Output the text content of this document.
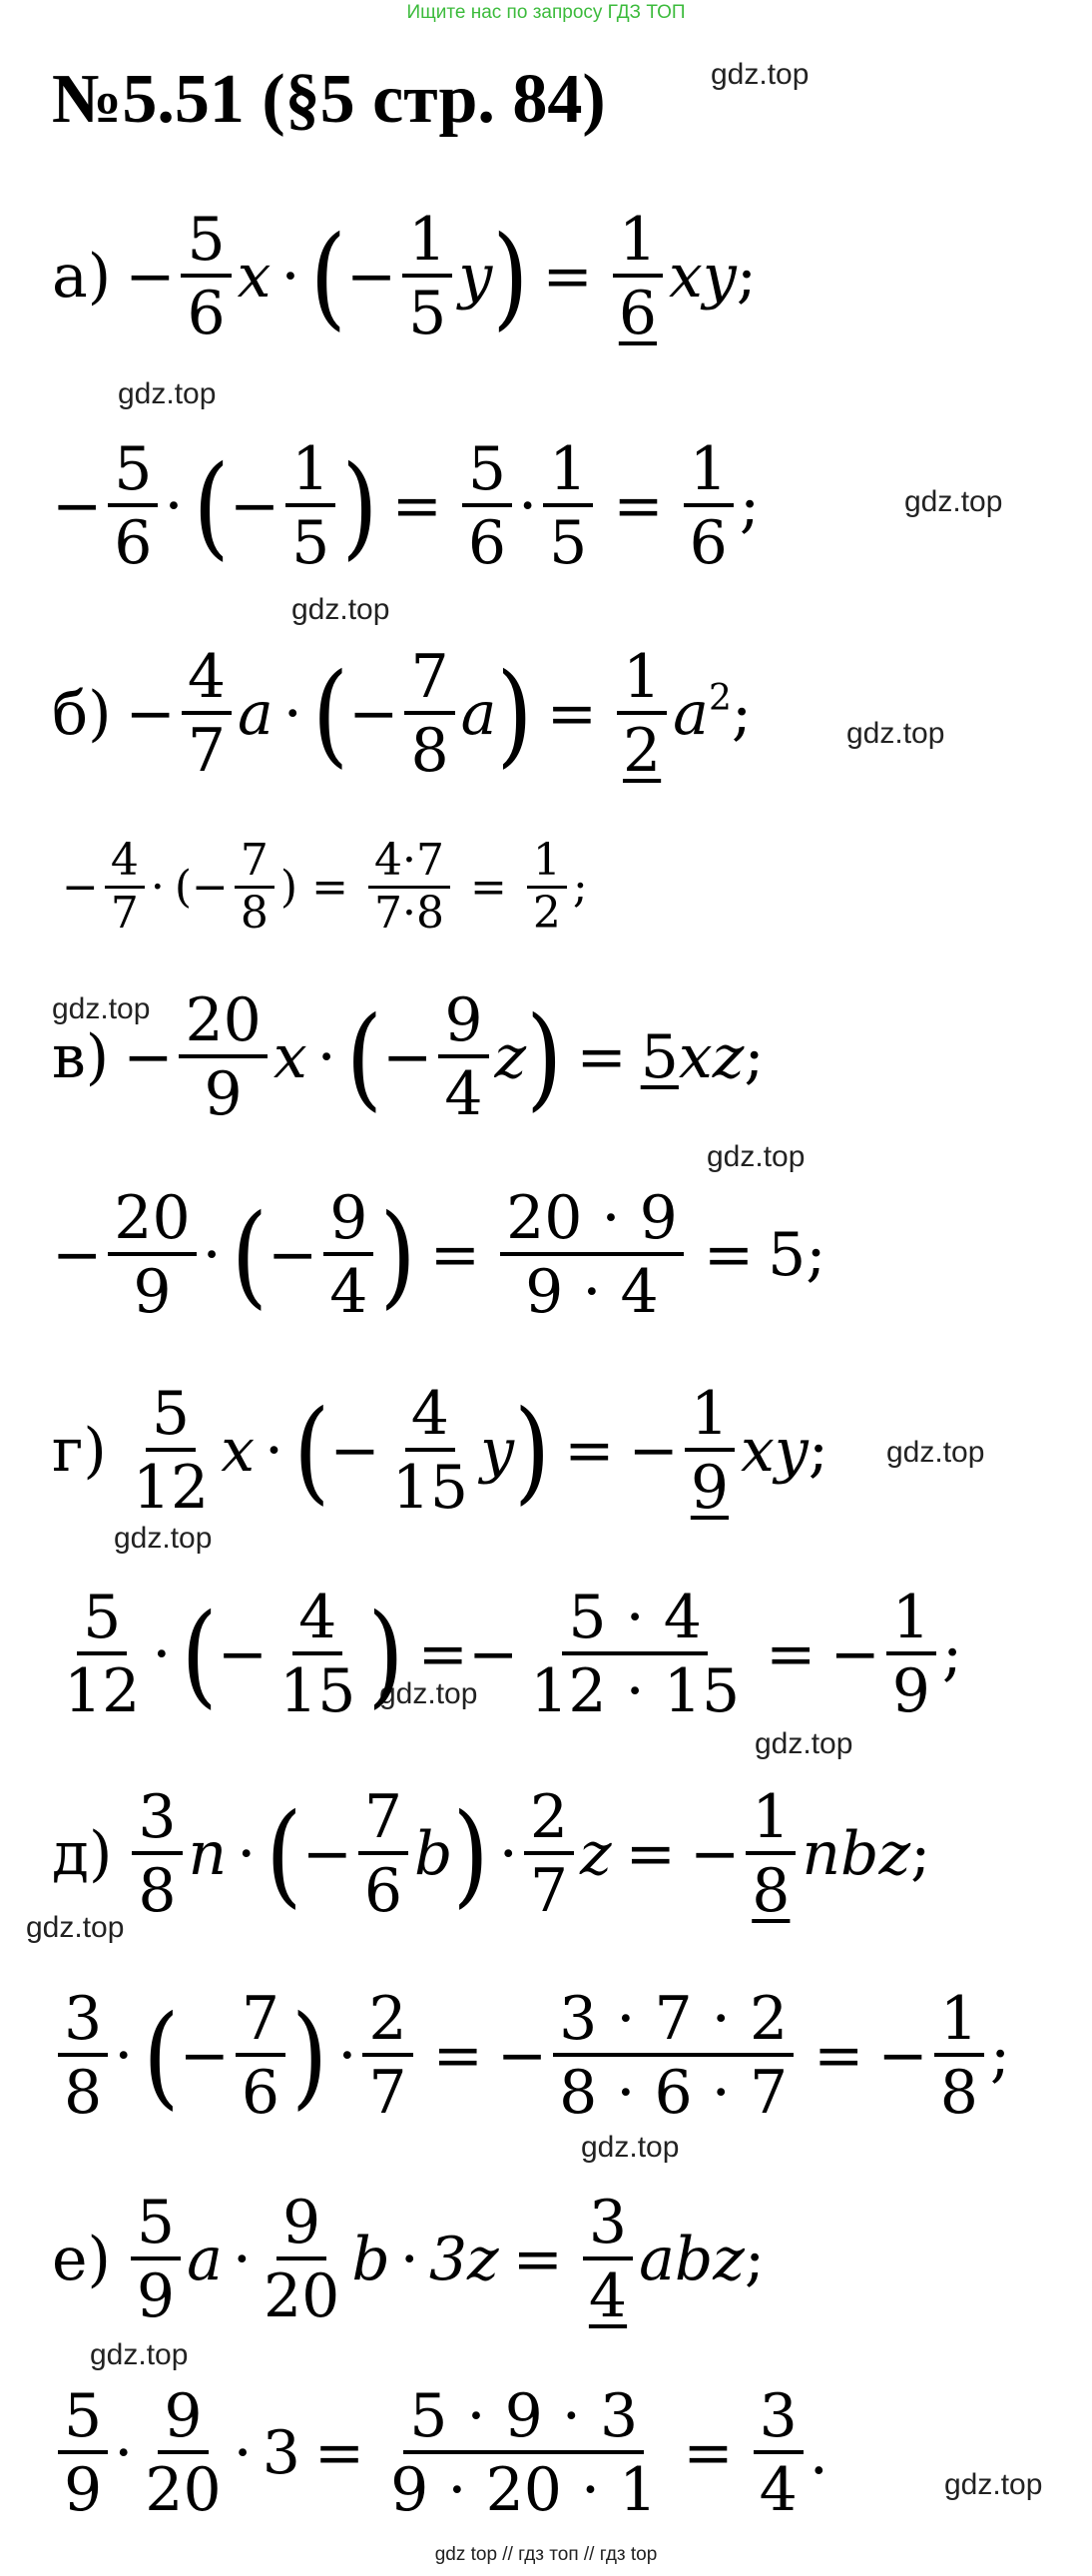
Ищите нас по запросу ГДЗ ТОП
№5.51 (§5 стр. 84)	gdz.top
gdz.top
gdz.top
gdz.top
gdz.top
gdz.top
gdz.top
gdz.top
gdz.top
gdz.top
gdz.top
gdz.top
gdz.top
gdz.top
gdz.top
$а) - \frac{5}{6}$ x · ( − $\frac{1}{5}$ y ) = $\frac{1}{6}$ xy ;
− $\frac{5}{6}$ · ( − $\frac{1}{5}$ ) = $\frac{5}{6} \cdot \frac{1}{5} = \frac{1}{6}$ ;
$б) - \frac{4}{7}$ a · ( − $\frac{7}{8}$ a ) = $\frac{1}{2} a^2$ ;
− $\frac{4}{7}$ · ( − $\frac{7}{8}$ ) = $\frac{4\cdot 7}{7\cdot 8} = \frac{1}{2}$ ;
$в) - \frac{20}{9}$ x · ( − $\frac{9}{4}$ z ) = 5 xz ;
− $\frac{20}{9}$ · ( − $\frac{9}{4}$ ) = $\frac{20 \cdot 9}{9 \cdot 4} = 5$ ;
$г) \frac{5}{12}$ x · ( − $\frac{4}{15}$ y ) = − $\frac{1}{9}$ xy ;
$\frac{5}{12}$ · ( − $\frac{4}{15}$ ) = − $\frac{5 \cdot 4}{12 \cdot 15}$ = − $\frac{1}{9}$ ;
$д) \frac{3}{8}$ n · ( − $\frac{7}{6}$ b ) · $\frac{2}{7}$ z = − $\frac{1}{8}$ nbz ;
$\frac{3}{8}$ · ( − $\frac{7}{6}$ ) · $\frac{2}{7}$ = − $\frac{3 \cdot 7 \cdot 2}{8 \cdot 6 \cdot 7}$ = − $\frac{1}{8}$ ;
$е) \frac{5}{9}$ $a \cdot \frac{9}{20}$ $b \cdot 3z = \frac{3}{4}$ abz ;
$\frac{5}{9} \cdot \frac{9}{20} \cdot 3 = \frac{5 \cdot 9 \cdot 3}{9 \cdot 20 \cdot 1} = \frac{3}{4}$ .
gdz top // гдз топ // гдз top
